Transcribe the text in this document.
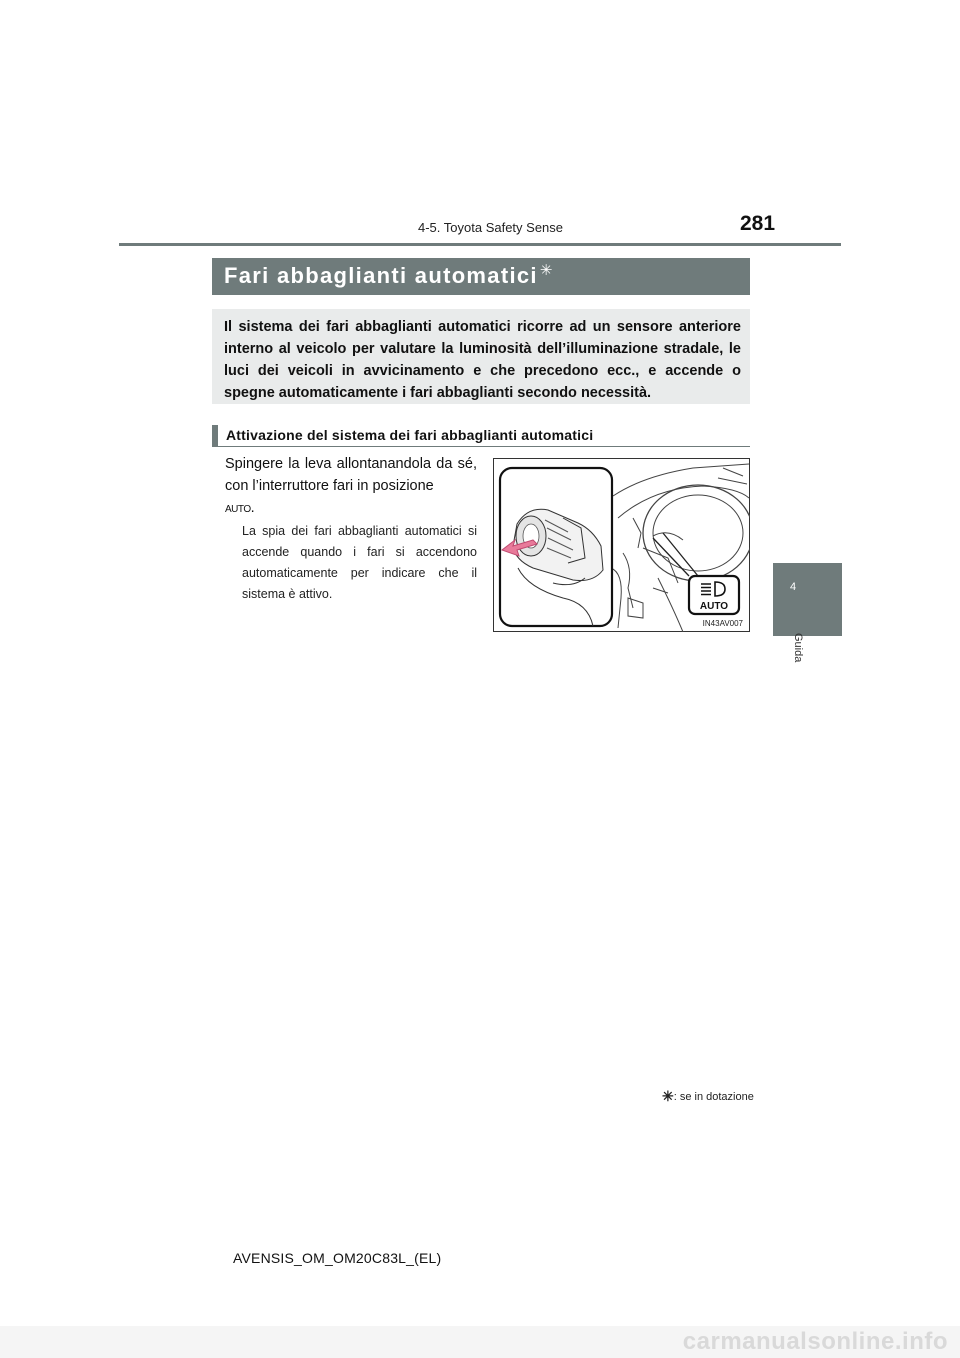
4-5. Toyota Safety Sense	281
Fari abbaglianti automatici ✳
Il sistema dei fari abbaglianti automatici ricorre ad un sensore anteriore interno al veicolo per valutare la luminosità dell’illuminazione stradale, le luci dei veicoli in avvicinamento e che precedono ecc., e accende o spegne automaticamente i fari abbaglianti secondo necessità.
Attivazione del sistema dei fari abbaglianti automatici
Spingere la leva allontanandola da sé, con l’interruttore fari in posizione
AUTO.
La spia dei fari abbaglianti automatici si accende quando i fari si accendono automaticamente per indicare che il sistema è attivo.
AUTO
IN43AV007
✳: se in dotazione
4
Guida
AVENSIS_OM_OM20C83L_(EL)
carmanualsonline.info
